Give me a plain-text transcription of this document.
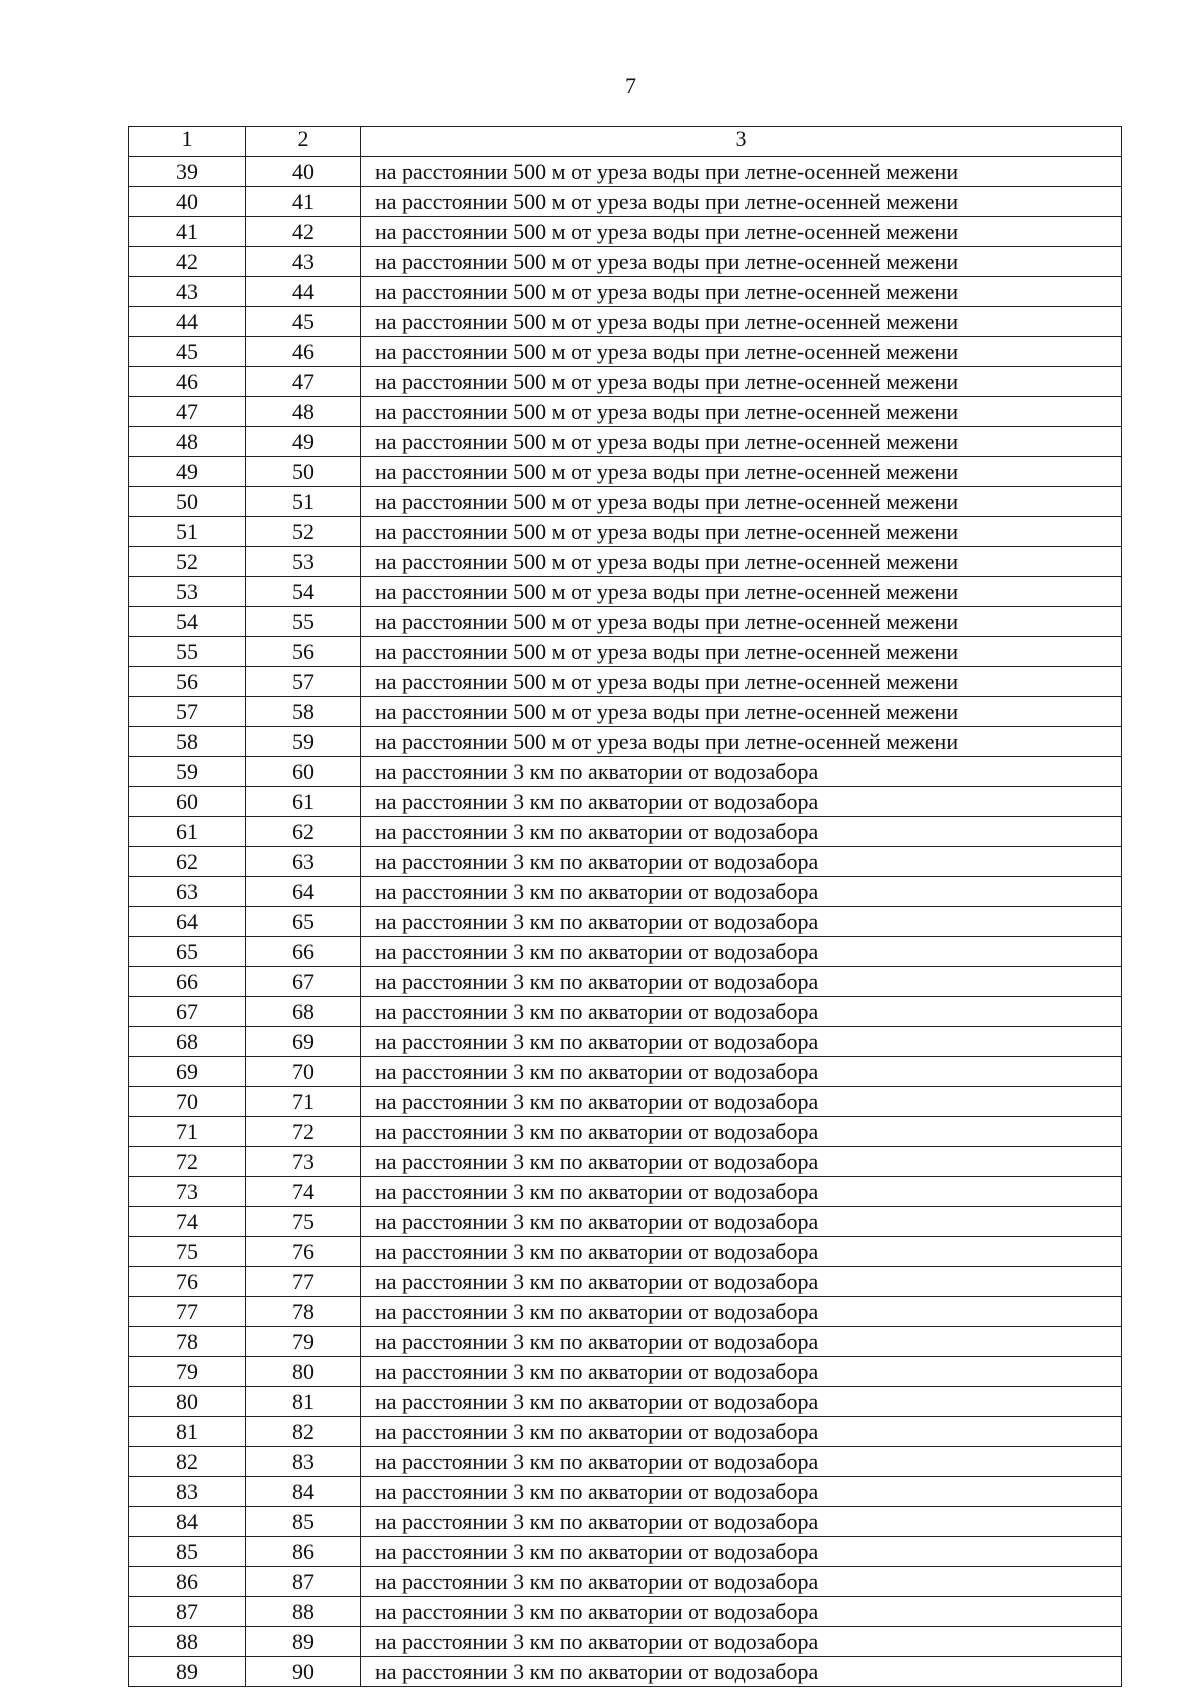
7
1	2	3
39	40	на расстоянии 500 м от уреза воды при летне-осенней межени
40	41	на расстоянии 500 м от уреза воды при летне-осенней межени
41	42	на расстоянии 500 м от уреза воды при летне-осенней межени
42	43	на расстоянии 500 м от уреза воды при летне-осенней межени
43	44	на расстоянии 500 м от уреза воды при летне-осенней межени
44	45	на расстоянии 500 м от уреза воды при летне-осенней межени
45	46	на расстоянии 500 м от уреза воды при летне-осенней межени
46	47	на расстоянии 500 м от уреза воды при летне-осенней межени
47	48	на расстоянии 500 м от уреза воды при летне-осенней межени
48	49	на расстоянии 500 м от уреза воды при летне-осенней межени
49	50	на расстоянии 500 м от уреза воды при летне-осенней межени
50	51	на расстоянии 500 м от уреза воды при летне-осенней межени
51	52	на расстоянии 500 м от уреза воды при летне-осенней межени
52	53	на расстоянии 500 м от уреза воды при летне-осенней межени
53	54	на расстоянии 500 м от уреза воды при летне-осенней межени
54	55	на расстоянии 500 м от уреза воды при летне-осенней межени
55	56	на расстоянии 500 м от уреза воды при летне-осенней межени
56	57	на расстоянии 500 м от уреза воды при летне-осенней межени
57	58	на расстоянии 500 м от уреза воды при летне-осенней межени
58	59	на расстоянии 500 м от уреза воды при летне-осенней межени
59	60	на расстоянии 3 км по акватории от водозабора
60	61	на расстоянии 3 км по акватории от водозабора
61	62	на расстоянии 3 км по акватории от водозабора
62	63	на расстоянии 3 км по акватории от водозабора
63	64	на расстоянии 3 км по акватории от водозабора
64	65	на расстоянии 3 км по акватории от водозабора
65	66	на расстоянии 3 км по акватории от водозабора
66	67	на расстоянии 3 км по акватории от водозабора
67	68	на расстоянии 3 км по акватории от водозабора
68	69	на расстоянии 3 км по акватории от водозабора
69	70	на расстоянии 3 км по акватории от водозабора
70	71	на расстоянии 3 км по акватории от водозабора
71	72	на расстоянии 3 км по акватории от водозабора
72	73	на расстоянии 3 км по акватории от водозабора
73	74	на расстоянии 3 км по акватории от водозабора
74	75	на расстоянии 3 км по акватории от водозабора
75	76	на расстоянии 3 км по акватории от водозабора
76	77	на расстоянии 3 км по акватории от водозабора
77	78	на расстоянии 3 км по акватории от водозабора
78	79	на расстоянии 3 км по акватории от водозабора
79	80	на расстоянии 3 км по акватории от водозабора
80	81	на расстоянии 3 км по акватории от водозабора
81	82	на расстоянии 3 км по акватории от водозабора
82	83	на расстоянии 3 км по акватории от водозабора
83	84	на расстоянии 3 км по акватории от водозабора
84	85	на расстоянии 3 км по акватории от водозабора
85	86	на расстоянии 3 км по акватории от водозабора
86	87	на расстоянии 3 км по акватории от водозабора
87	88	на расстоянии 3 км по акватории от водозабора
88	89	на расстоянии 3 км по акватории от водозабора
89	90	на расстоянии 3 км по акватории от водозабора
